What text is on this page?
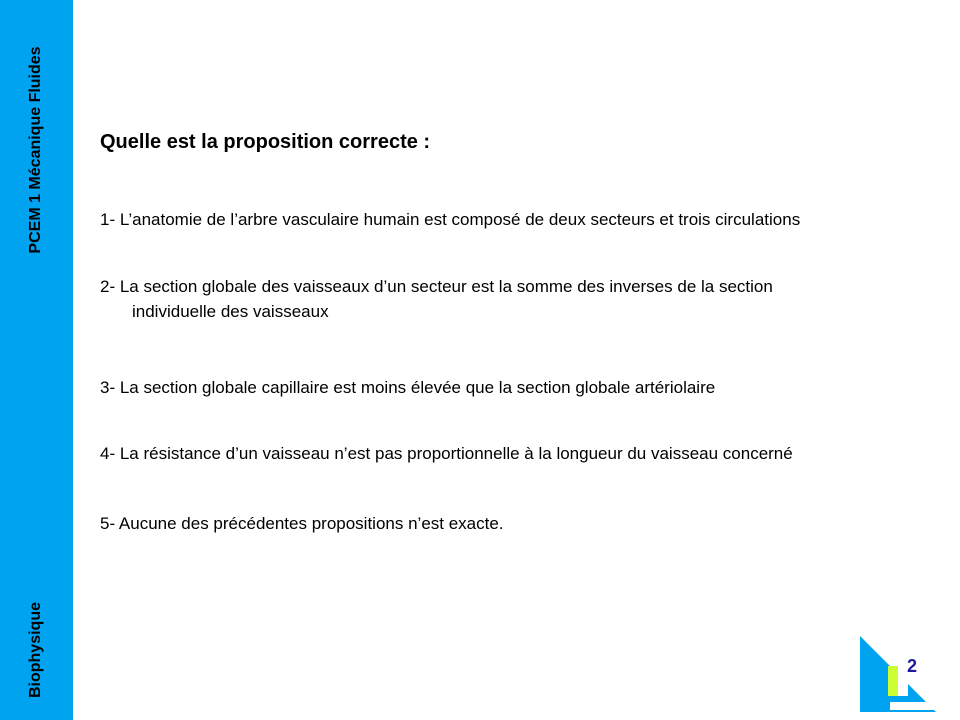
PCEM 1 Mécanique Fluides
Biophysique
Quelle est la proposition correcte :
1- L’anatomie de l’arbre vasculaire humain est composé de deux secteurs et trois circulations
2- La section globale des vaisseaux d’un secteur est la somme des inverses de la section
individuelle des vaisseaux
3- La section globale capillaire est moins élevée que la section globale artériolaire
4- La résistance d’un vaisseau n’est pas proportionnelle à la longueur du vaisseau concerné
5- Aucune des précédentes propositions n’est exacte.
2
